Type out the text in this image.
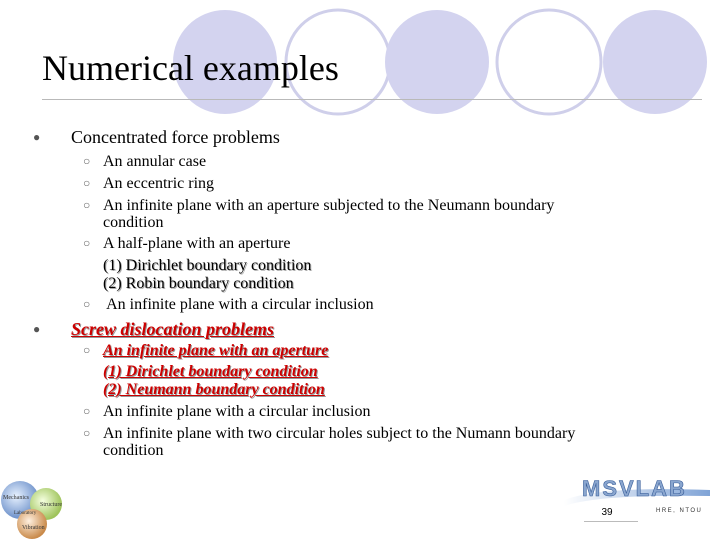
Numerical examples
● Concentrated force problems
○ An annular case
○ An eccentric ring
○ An infinite plane with an aperture subjected to the Neumann boundary
condition
○ A half-plane with an aperture
(1) Dirichlet boundary condition
(2) Robin boundary condition
○ An infinite plane with a circular inclusion
● Screw dislocation problems
○ An infinite plane with an aperture
(1) Dirichlet boundary condition
(2) Neumann boundary condition
○ An infinite plane with a circular inclusion
○ An infinite plane with two circular holes subject to the Numann boundary
condition
Mechanics
Structure
Vibration
Laboratory
MSVLAB
HRE, NTOU
39
